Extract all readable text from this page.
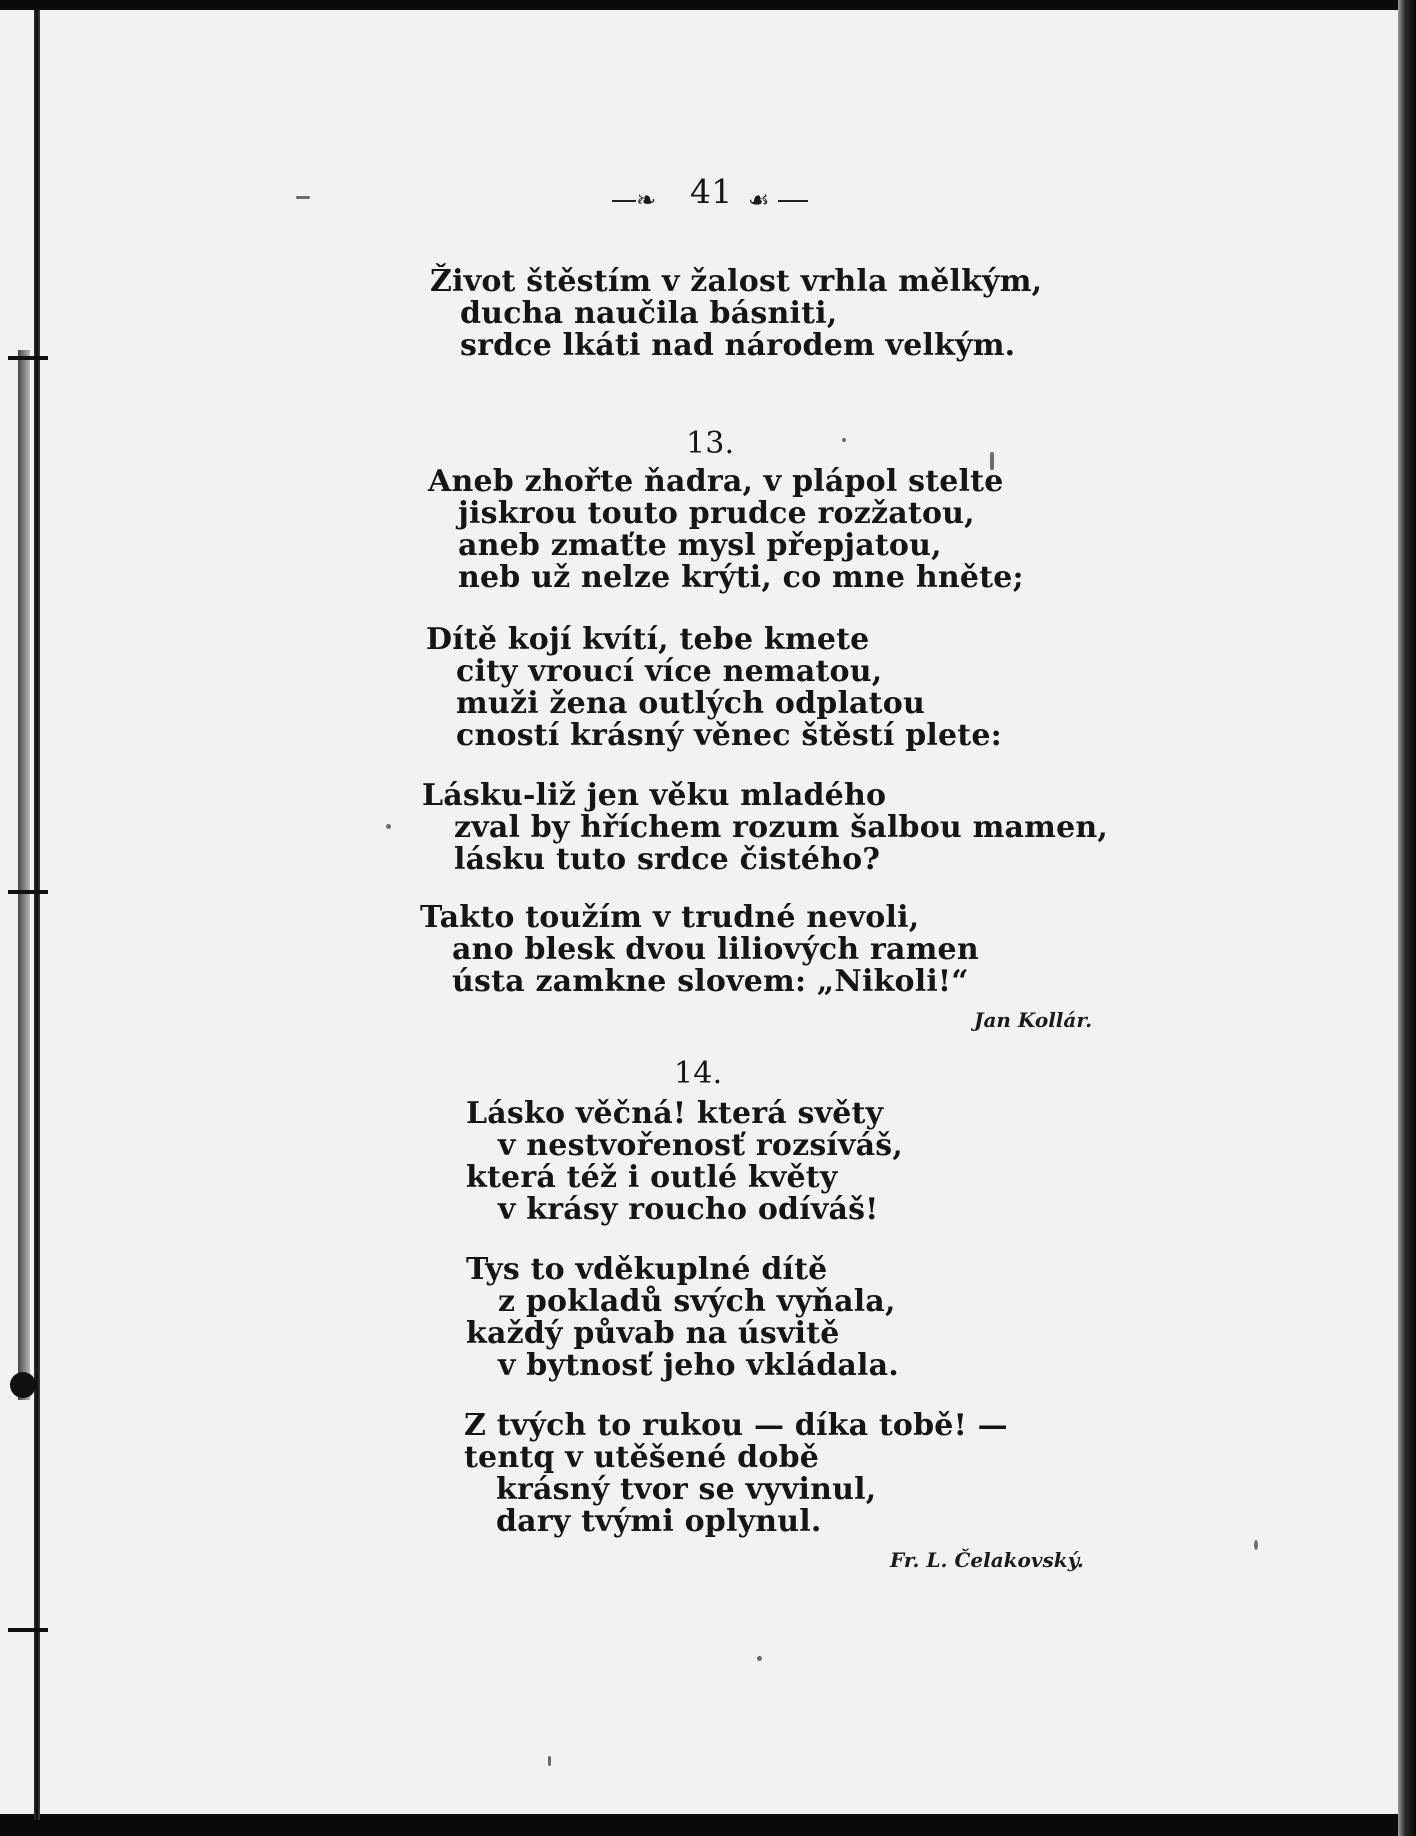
❧ 41 ☙
Život štěstím v žalost vrhla mělkým,
ducha naučila básniti,
srdce lkáti nad národem velkým.
13.
Aneb zhořte ňadra, v plápol stelte
jiskrou touto prudce rozžatou,
aneb zmaťte mysl přepjatou,
neb už nelze krýti, co mne hněte;
Dítě kojí kvítí, tebe kmete
city vroucí více nematou,
muži žena outlých odplatou
cností krásný věnec štěstí plete:
Lásku-liž jen věku mladého
zval by hříchem rozum šalbou mamen,
lásku tuto srdce čistého?
Takto toužím v trudné nevoli,
ano blesk dvou liliových ramen
ústa zamkne slovem: „Nikoli!“
Jan Kollár.
14.
Lásko věčná! která světy
v nestvořenosť rozsíváš,
která též i outlé květy
v krásy roucho odíváš!
Tys to vděkuplné dítě
z pokladů svých vyňala,
každý půvab na úsvitě
v bytnosť jeho vkládala.
Z tvých to rukou — díka tobě! —
tentq v utěšené době
krásný tvor se vyvinul,
dary tvými oplynul.
Fr. L. Čelakovský.
